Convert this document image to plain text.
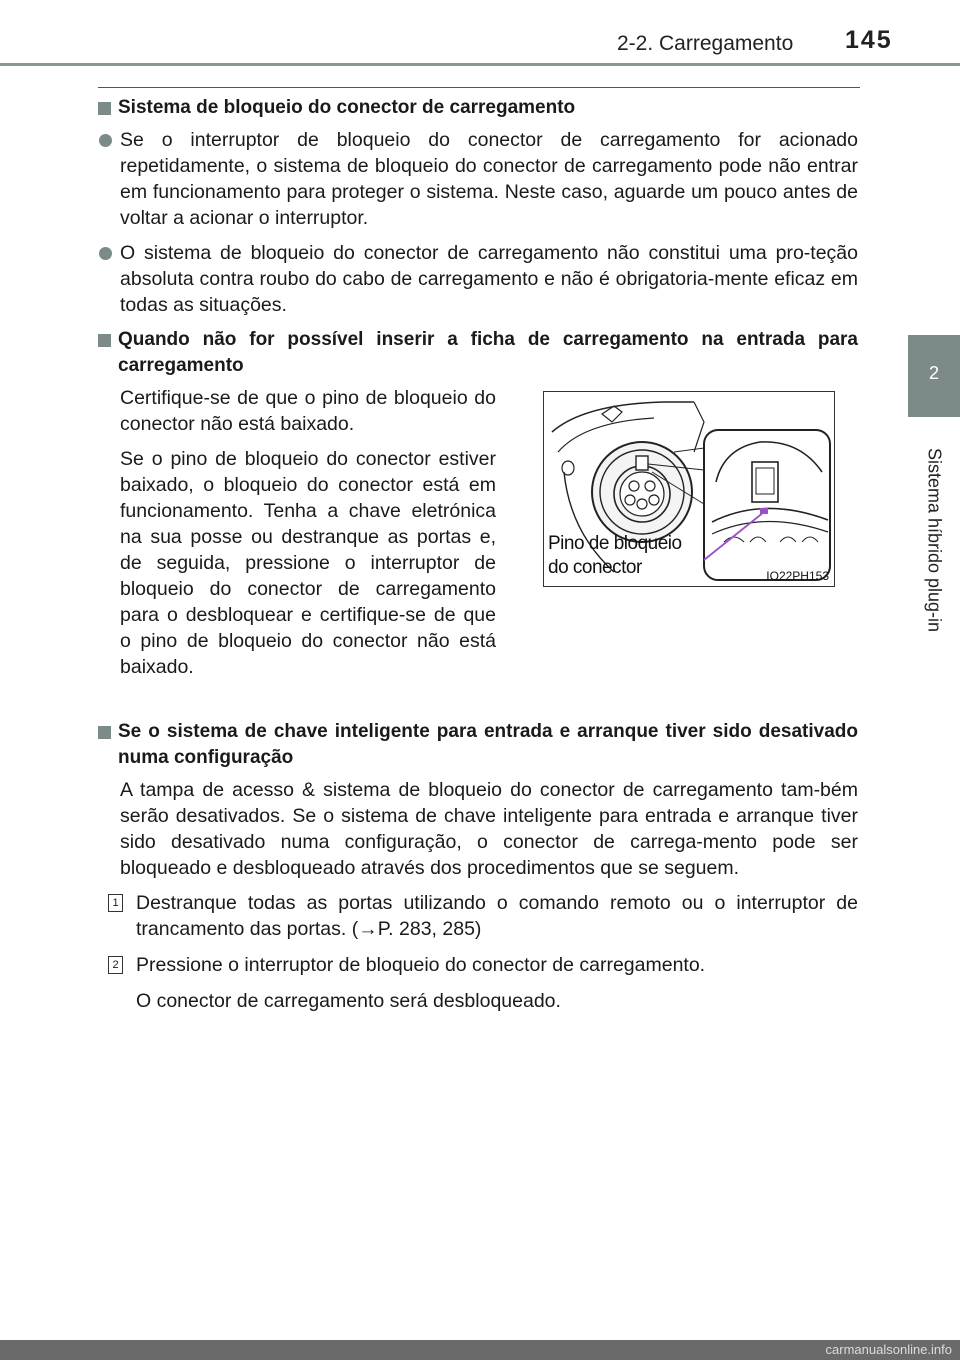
2-2. Carregamento 145
2
Sistema híbrido plug-in
Sistema de bloqueio do conector de carregamento
Se o interruptor de bloqueio do conector de carregamento for acionado repetidamente, o sistema de bloqueio do conector de carregamento pode não entrar em funcionamento para proteger o sistema. Neste caso, aguarde um pouco antes de voltar a acionar o interruptor.
O sistema de bloqueio do conector de carregamento não constitui uma pro-teção absoluta contra roubo do cabo de carregamento e não é obrigatoria-mente eficaz em todas as situações.
Quando não for possível inserir a ficha de carregamento na entrada para carregamento
Certifique-se de que o pino de bloqueio do conector não está baixado.
Se o pino de bloqueio do conector estiver baixado, o bloqueio do conector está em funcionamento. Tenha a chave eletrónica na sua posse ou destranque as portas e, de seguida, pressione o interruptor de bloqueio do conector de carregamento para o desbloquear e certifique-se de que o pino de bloqueio do conector não está baixado.
Pino de bloqueio
do conector	IO22PH153
Se o sistema de chave inteligente para entrada e arranque tiver sido desativado numa configuração
A tampa de acesso & sistema de bloqueio do conector de carregamento tam-bém serão desativados. Se o sistema de chave inteligente para entrada e arranque tiver sido desativado numa configuração, o conector de carrega-mento pode ser bloqueado e desbloqueado através dos procedimentos que se seguem.
1 Destranque todas as portas utilizando o comando remoto ou o interruptor de trancamento das portas. (→P. 283, 285)
2 Pressione o interruptor de bloqueio do conector de carregamento.
O conector de carregamento será desbloqueado.
carmanualsonline.info
